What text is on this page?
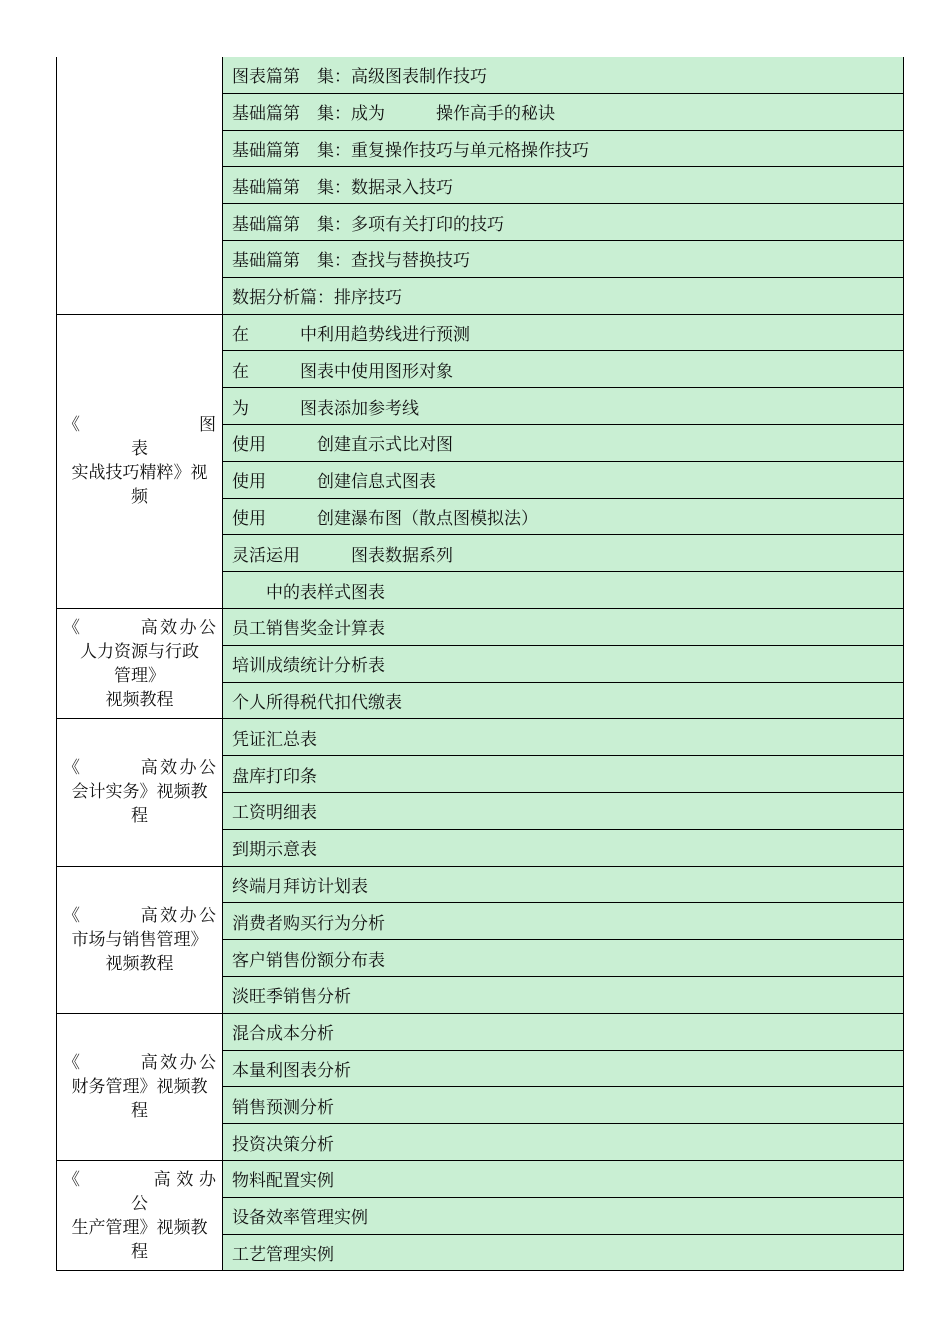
	图表篇第　集：高级图表制作技巧
	基础篇第　集：成为　　　操作高手的秘诀
	基础篇第　集：重复操作技巧与单元格操作技巧
	基础篇第　集：数据录入技巧
	基础篇第　集：多项有关打印的技巧
	基础篇第　集：查找与替换技巧
	数据分析篇：排序技巧

《　　　　　图
表
实战技巧精粹》视
频	在　　　中利用趋势线进行预测
	在　　　图表中使用图形对象
	为　　　图表添加参考线
	使用　　　创建直示式比对图
	使用　　　创建信息式图表
	使用　　　创建瀑布图（散点图模拟法）
	灵活运用　　　图表数据系列
	　　中的表样式图表

《　　　高效办公
人力资源与行政
管理》
视频教程	员工销售奖金计算表
	培训成绩统计分析表
	个人所得税代扣代缴表

《　　　高效办公
会计实务》视频教
程	凭证汇总表
	盘库打印条
	工资明细表
	到期示意表

《　　　高效办公
市场与销售管理》
视频教程	终端月拜访计划表
	消费者购买行为分析
	客户销售份额分布表
	淡旺季销售分析

《　　　高效办公
财务管理》视频教
程	混合成本分析
	本量利图表分析
	销售预测分析
	投资决策分析

《　　　高效办
公
生产管理》视频教
程	物料配置实例
	设备效率管理实例
	工艺管理实例
